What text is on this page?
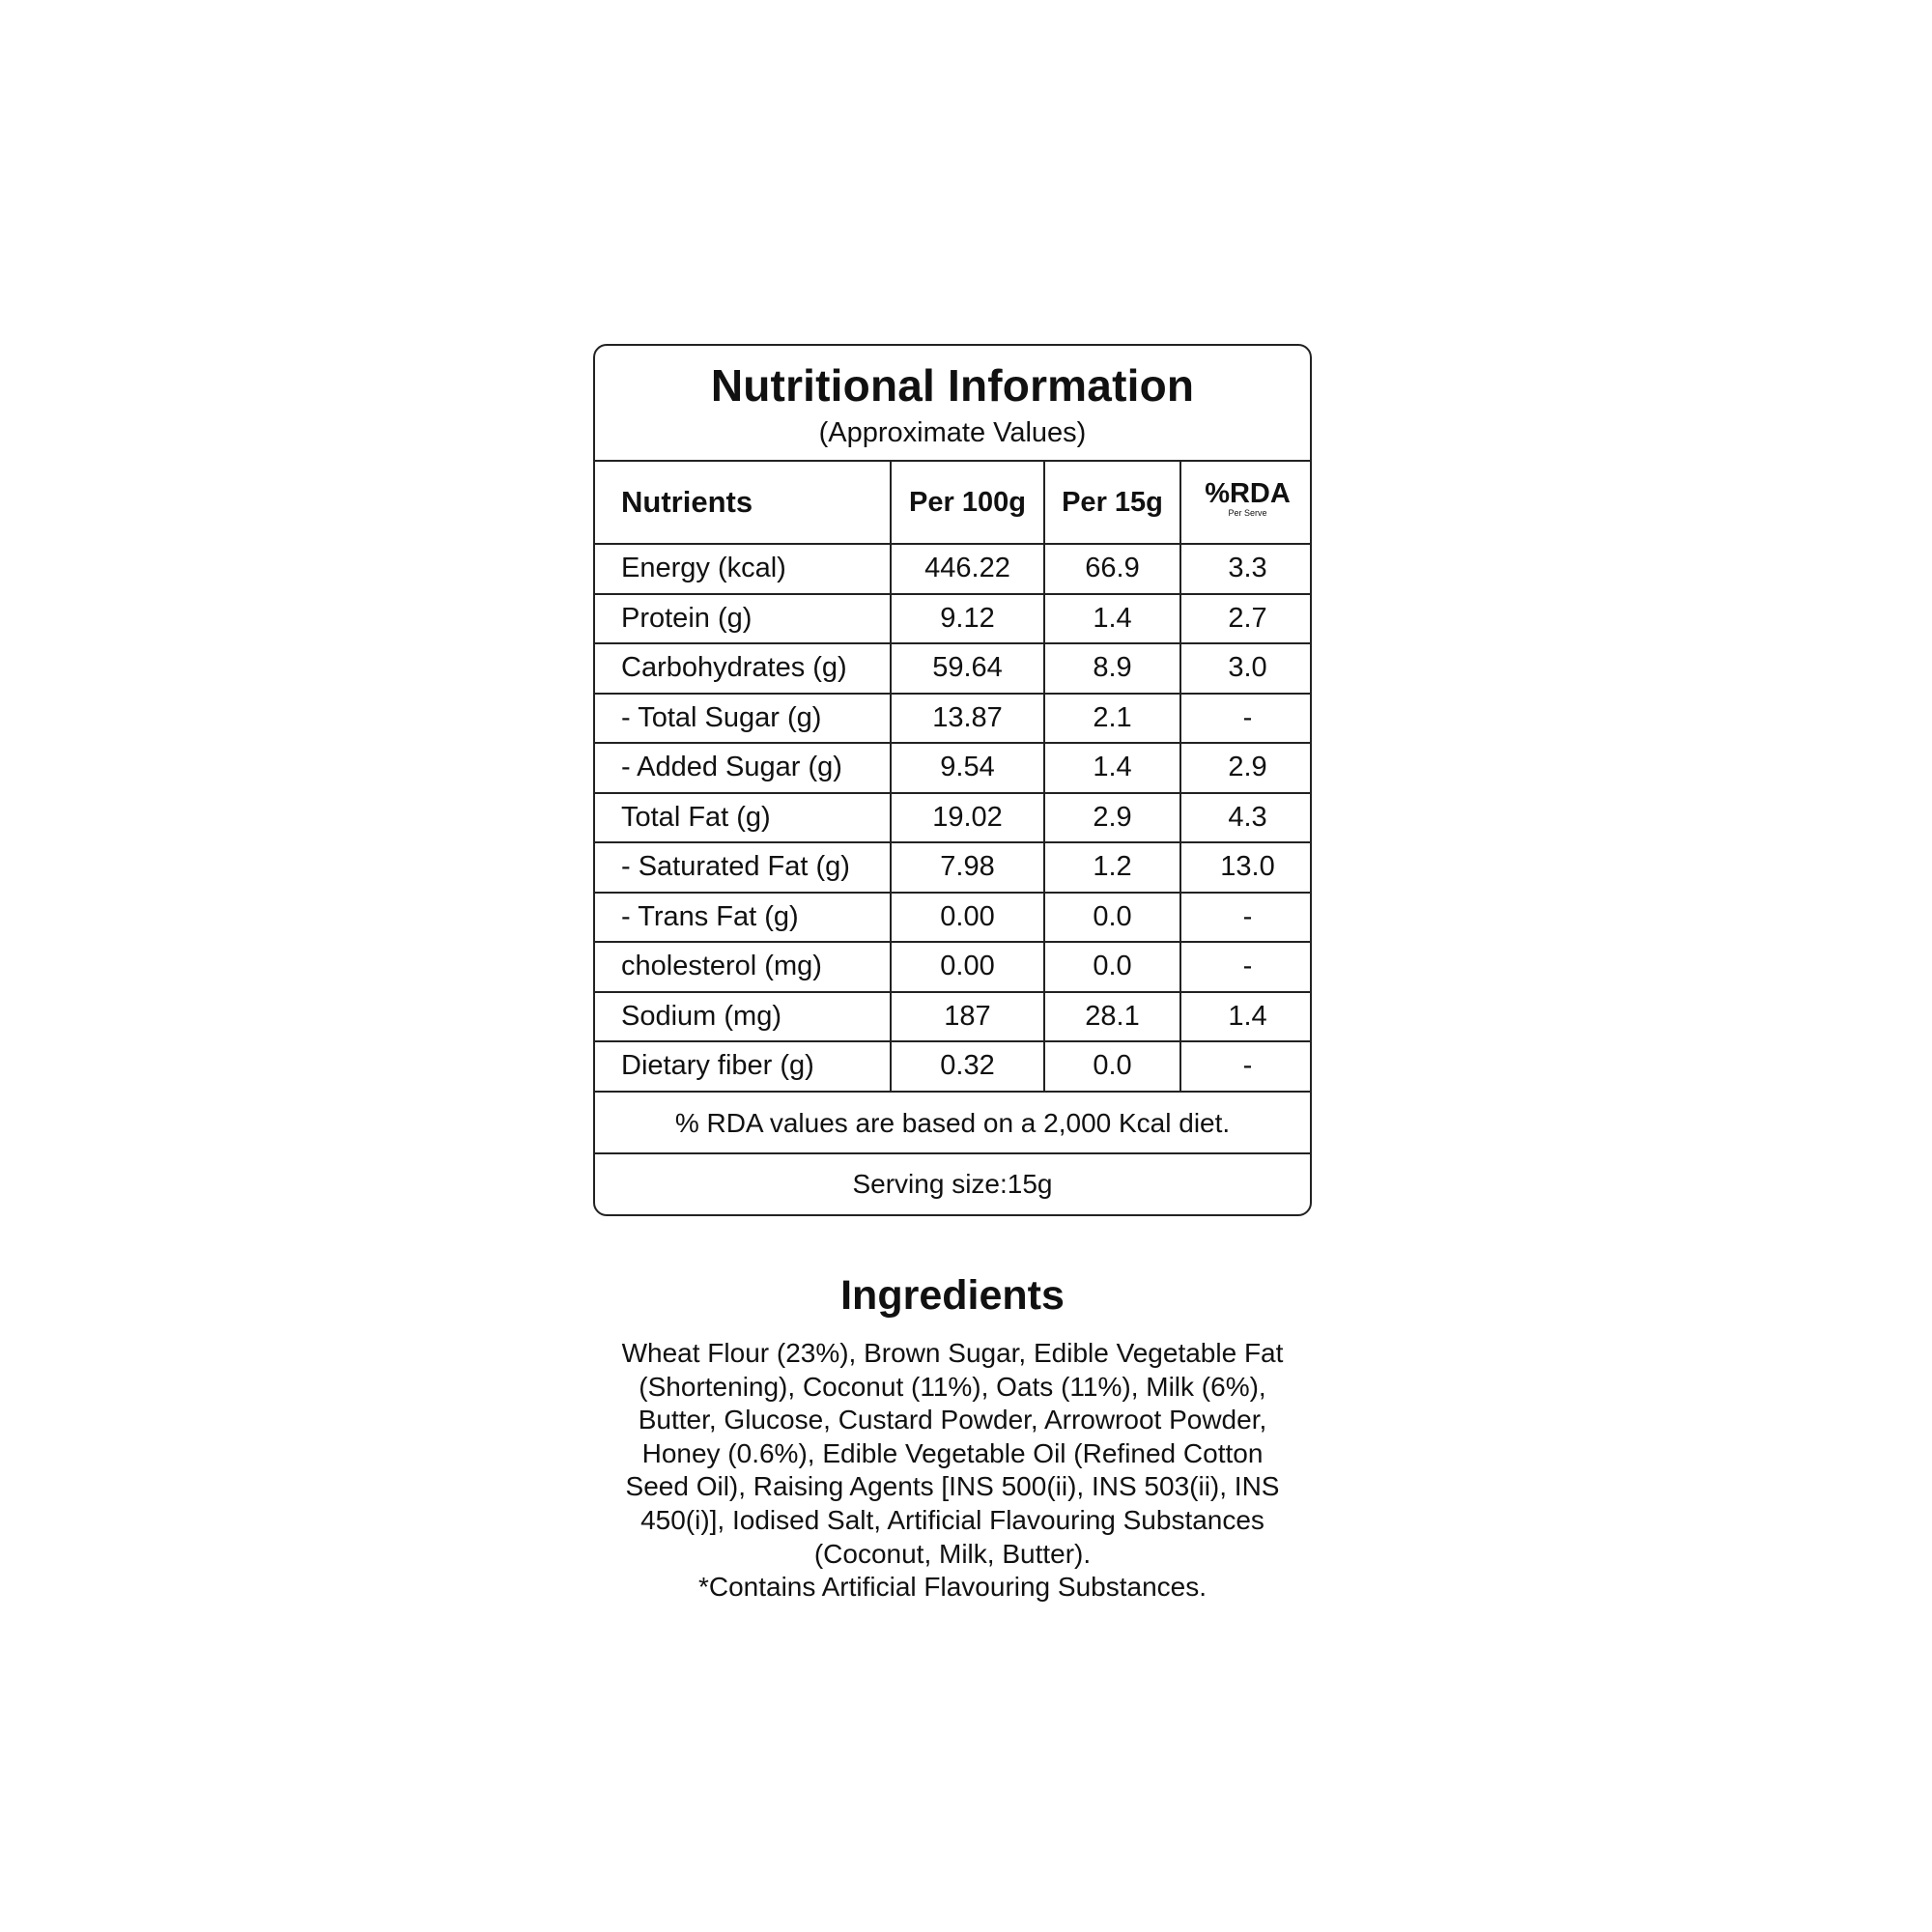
Nutritional Information
(Approximate Values)
Nutrients	Per 100g	Per 15g	%RDA
Per Serve

Energy (kcal)	446.22	66.9	3.3
Protein (g)	9.12	1.4	2.7
Carbohydrates (g)	59.64	8.9	3.0
- Total Sugar (g)	13.87	2.1	-
- Added Sugar (g)	9.54	1.4	2.9
Total Fat (g)	19.02	2.9	4.3
- Saturated Fat (g)	7.98	1.2	13.0
- Trans Fat (g)	0.00	0.0	-
cholesterol (mg)	0.00	0.0	-
Sodium (mg)	187	28.1	1.4
Dietary fiber (g)	0.32	0.0	-
% RDA values are based on a 2,000 Kcal diet.
Serving size:15g
Ingredients
Wheat Flour (23%), Brown Sugar, Edible Vegetable Fat
(Shortening), Coconut (11%), Oats (11%), Milk (6%),
Butter, Glucose, Custard Powder, Arrowroot Powder,
Honey (0.6%), Edible Vegetable Oil (Refined Cotton
Seed Oil), Raising Agents [INS 500(ii), INS 503(ii), INS
450(i)], Iodised Salt, Artificial Flavouring Substances
(Coconut, Milk, Butter).
*Contains Artificial Flavouring Substances.
